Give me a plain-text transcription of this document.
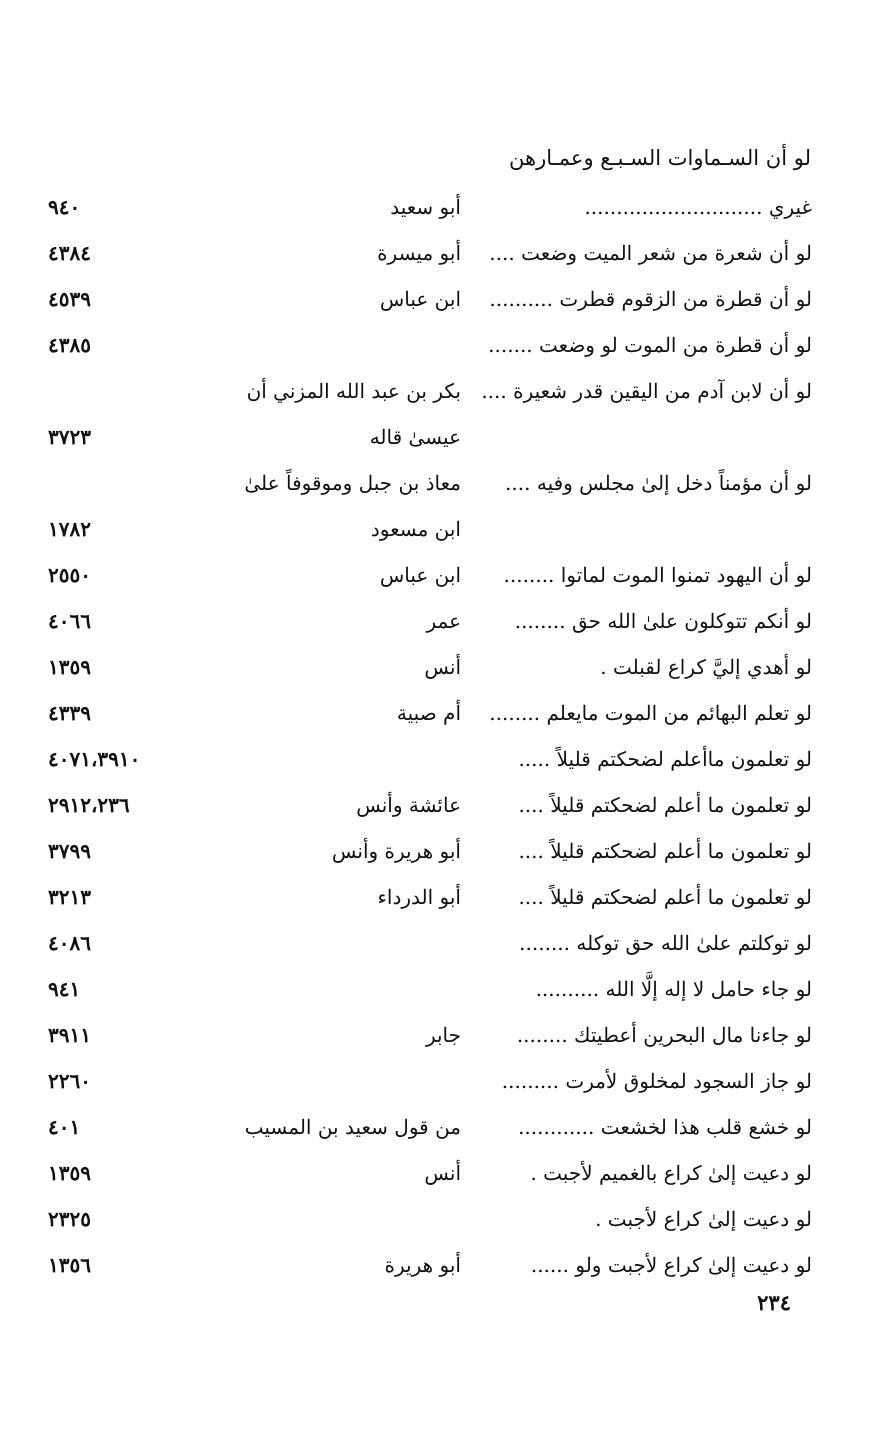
لو أن السـماوات السـبـع وعمـارهن
غيري ............................
أبو سعيد
٩٤٠
لو أن شعرة من شعر الميت وضعت ....
أبو ميسرة
٤٣٨٤
لو أن قطرة من الزقوم قطرت ..........
ابن عباس
٤٥٣٩
لو أن قطرة من الموت لو وضعت .......
٤٣٨٥
لو أن لابن آدم من اليقين قدر شعيرة ....
بكر بن عبد الله المزني أن عيسىٰ قاله
٣٧٢٣
لو أن مؤمناً دخل إلىٰ مجلس وفيه ....
معاذ بن جبل وموقوفاً علىٰ ابن مسعود
١٧٨٢
لو أن اليهود تمنوا الموت لماتوا ........
ابن عباس
٢٥٥٠
لو أنكم تتوكلون علىٰ الله حق ........
عمر
٤٠٦٦
لو أهدي إليَّ كراع لقبلت .
أنس
١٣٥٩
لو تعلم البهائم من الموت مايعلم ........
أم صبية
٤٣٣٩
لو تعلمون ماأعلم لضحكتم قليلاً .....
٤٠٧١،٣٩١٠
لو تعلمون ما أعلم لضحكتم قليلاً ....
عائشة وأنس
٢٩١٢،٢٣٦
لو تعلمون ما أعلم لضحكتم قليلاً ....
أبو هريرة وأنس
٣٧٩٩
لو تعلمون ما أعلم لضحكتم قليلاً ....
أبو الدرداء
٣٢١٣
لو توكلتم علىٰ الله حق توكله ........
٤٠٨٦
لو جاء حامل لا إله إلَّا الله ..........
٩٤١
لو جاءنا مال البحرين أعطيتك ........
جابر
٣٩١١
لو جاز السجود لمخلوق لأمرت .........
٢٢٦٠
لو خشع قلب هذا لخشعت ............
من قول سعيد بن المسيب
٤٠١
لو دعيت إلىٰ كراع بالغميم لأجبت .
أنس
١٣٥٩
لو دعيت إلىٰ كراع لأجبت .
٢٣٢٥
لو دعيت إلىٰ كراع لأجبت ولو ......
أبو هريرة
١٣٥٦
٢٣٤
